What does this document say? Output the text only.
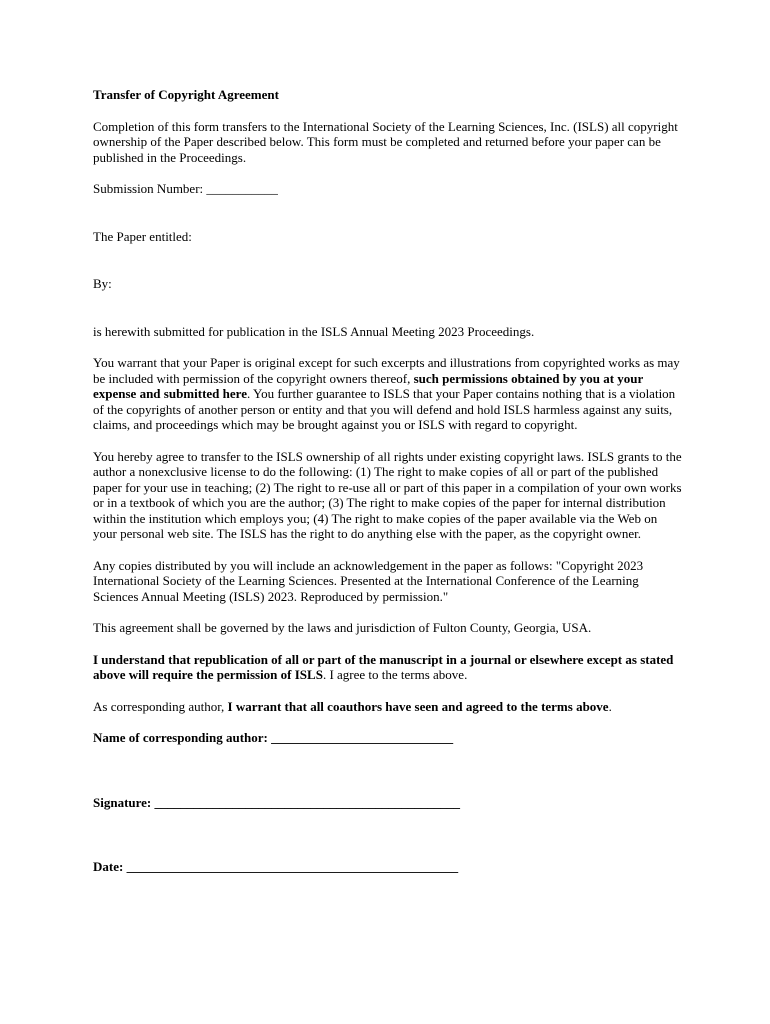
Transfer of Copyright Agreement

Completion of this form transfers to the International Society of the Learning Sciences, Inc. (ISLS) all copyright ownership of the Paper described below. This form must be completed and returned before your paper can be published in the Proceedings.

Submission Number: ___________

The Paper entitled:

By:

is herewith submitted for publication in the ISLS Annual Meeting 2023 Proceedings.

You warrant that your Paper is original except for such excerpts and illustrations from copyrighted works as may be included with permission of the copyright owners thereof, such permissions obtained by you at your expense and submitted here. You further guarantee to ISLS that your Paper contains nothing that is a violation of the copyrights of another person or entity and that you will defend and hold ISLS harmless against any suits, claims, and proceedings which may be brought against you or ISLS with regard to copyright.

You hereby agree to transfer to the ISLS ownership of all rights under existing copyright laws. ISLS grants to the author a nonexclusive license to do the following: (1) The right to make copies of all or part of the published paper for your use in teaching; (2) The right to re-use all or part of this paper in a compilation of your own works or in a textbook of which you are the author; (3) The right to make copies of the paper for internal distribution within the institution which employs you; (4) The right to make copies of the paper available via the Web on your personal web site. The ISLS has the right to do anything else with the paper, as the copyright owner.

Any copies distributed by you will include an acknowledgement in the paper as follows: "Copyright 2023 International Society of the Learning Sciences. Presented at the International Conference of the Learning Sciences Annual Meeting (ISLS) 2023. Reproduced by permission."

This agreement shall be governed by the laws and jurisdiction of Fulton County, Georgia, USA.

I understand that republication of all or part of the manuscript in a journal or elsewhere except as stated above will require the permission of ISLS. I agree to the terms above.

As corresponding author, I warrant that all coauthors have seen and agreed to the terms above.

Name of corresponding author: ____________________________

Signature: _______________________________________________

Date: ___________________________________________________
